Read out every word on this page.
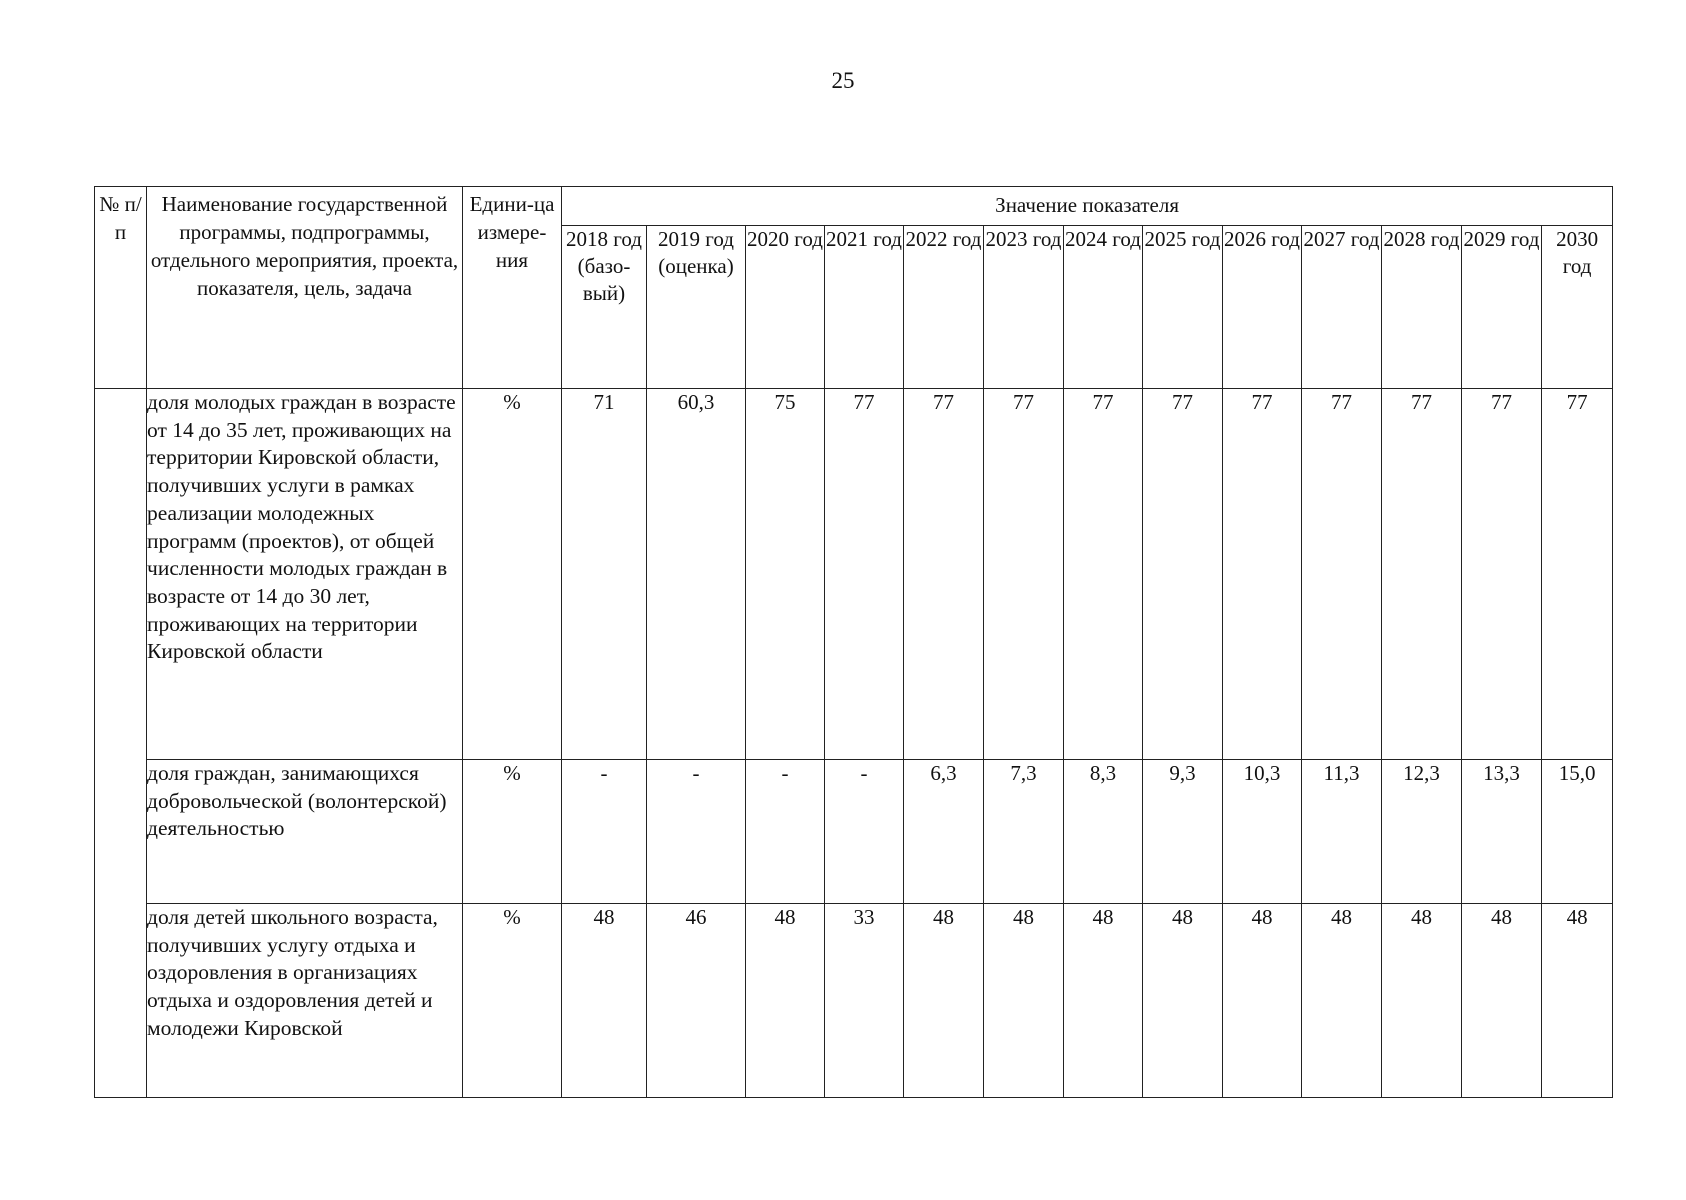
25
№ п/п	Наименование государственной программы, подпрограммы, отдельного мероприятия, проекта, показателя, цель, задача	Едини-ца измере-ния	Значение показателя												
			2018 год (базо-вый)	2019 год (оценка)	2020 год	2021 год	2022 год	2023 год	2024 год	2025 год	2026 год	2027 год	2028 год	2029 год	2030 год
	доля молодых граждан в возрасте от 14 до 35 лет, проживающих на территории Кировской области, получивших услуги в рамках реализации молодежных программ (проектов), от общей численности молодых граждан в возрасте от 14 до 30 лет, проживающих на территории Кировской области	%	71	60,3	75	77	77	77	77	77	77	77	77	77	77
	доля граждан, занимающихся добровольческой (волонтерской) деятельностью	%	-	-	-	-	6,3	7,3	8,3	9,3	10,3	11,3	12,3	13,3	15,0
	доля детей школьного возраста, получивших услугу отдыха и оздоровления в организациях отдыха и оздоровления детей и молодежи Кировской	%	48	46	48	33	48	48	48	48	48	48	48	48	48
